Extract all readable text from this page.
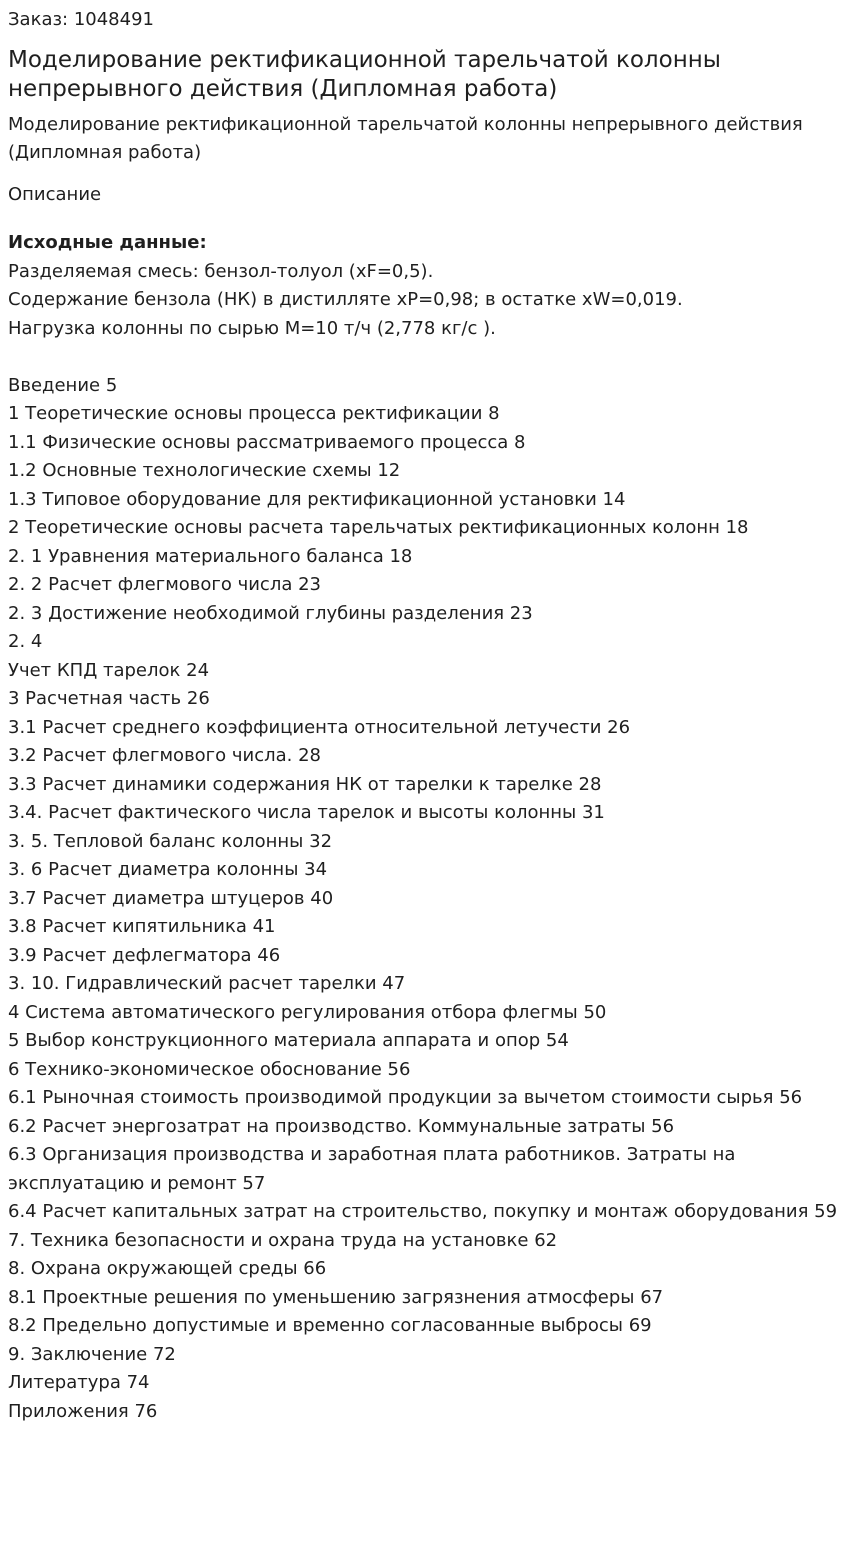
Заказ: 1048491
Моделирование ректификационной тарельчатой колонны непрерывного действия (Дипломная работа)
Моделирование ректификационной тарельчатой колонны непрерывного действия (Дипломная работа)
Описание
Исходные данные:
Разделяемая смесь: бензол-толуол (xF=0,5).
Содержание бензола (НК) в дистилляте xP=0,98; в остатке xW=0,019.
Нагрузка колонны по сырью M=10 т/ч (2,778 кг/с ).
Введение 5
1 Теоретические основы процесса ректификации 8
1.1 Физические основы рассматриваемого процесса 8
1.2 Основные технологические схемы 12
1.3 Типовое оборудование для ректификационной установки 14
2 Теоретические основы расчета тарельчатых ректификационных колонн 18
2. 1 Уравнения материального баланса 18
2. 2 Расчет флегмового числа 23
2. 3 Достижение необходимой глубины разделения 23
2. 4
Учет КПД тарелок 24
3 Расчетная часть 26
3.1 Расчет среднего коэффициента относительной летучести 26
3.2 Расчет флегмового числа. 28
3.3 Расчет динамики содержания НК от тарелки к тарелке 28
3.4. Расчет фактического числа тарелок и высоты колонны 31
3. 5. Тепловой баланс колонны 32
3. 6 Расчет диаметра колонны 34
3.7 Расчет диаметра штуцеров 40
3.8 Расчет кипятильника 41
3.9 Расчет дефлегматора 46
3. 10. Гидравлический расчет тарелки 47
4 Система автоматического регулирования отбора флегмы 50
5 Выбор конструкционного материала аппарата и опор 54
6 Технико-экономическое обоснование 56
6.1 Рыночная стоимость производимой продукции за вычетом стоимости сырья 56
6.2 Расчет энергозатрат на производство. Коммунальные затраты 56
6.3 Организация производства и заработная плата работников. Затраты на эксплуатацию и ремонт 57
6.4 Расчет капитальных затрат на строительство, покупку и монтаж оборудования 59
7. Техника безопасности и охрана труда на установке 62
8. Охрана окружающей среды 66
8.1 Проектные решения по уменьшению загрязнения атмосферы 67
8.2 Предельно допустимые и временно согласованные выбросы 69
9. Заключение 72
Литература 74
Приложения 76
